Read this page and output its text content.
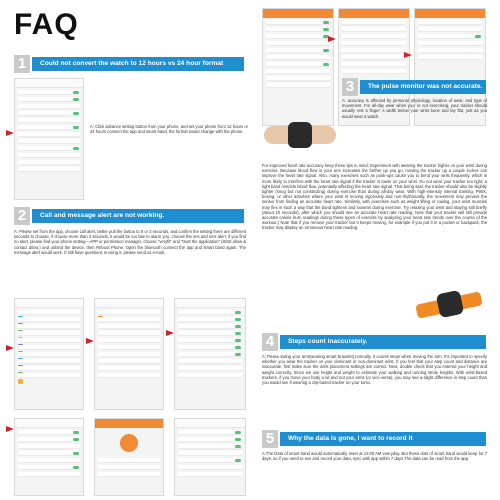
FAQ
1	Could not convert the watch to 12 hours vs 24 hour format
A: Click advance setting button from your phone, and set your phone from 12 hours or 24 hours connect the app and smart band, the format would change with the phone.
2	Call and message alert are not working.
A: Please set from the app, choose call alert, better pull the button to 0 or 3 seconds, and confirm the setting there are different seconds to choose, if choose more than 3 seconds, it would be too late to alarm you. choose the sns and sms alert, if you find no alert, please find your phone setting---APP or permission manager, choose "veryfit" and "trust the application" (SMS allow & contact allow.) and unbind the device, then Reboot Phone. Open the bluetooth connect the app and smart band again. The message alert would work. If still have questions in using it, please send us e-mail.
3	The pulse monitor was not accurate.
A: accuracy is affected by personal physiology, location of wear, and type of movement. For all-day wear when you’ re not exercising, your tracker should usually rest a finger’ s width below your wrist bone and lay flat, just as you would wear a watch.
For improved heart rate accuracy keep these tips in mind: Experiment with wearing the tracker higher on your wrist during exercise. Because blood flow in your arm increases the further up you go, moving the tracker up a couple inches can improve the heart rate signal. Also, many exercises such as push-ups cause you to bend your wrist frequently, which is more likely to interfere with the heart rate signal if the tracker is lower on your wrist. Do not wear your tracker too tight; a tight band restricts blood flow, potentially affecting the heart rate signal. That being said, the tracker should also be slightly tighter (snug but not constricting) during exercise than during all-day wear. With high-intensity interval training, P90X, boxing, or other activities where your wrist is moving vigorously and non-rhythmically, the movement may prevent the sensor from finding an accurate heart rate. Similarly, with exercises such as weight lifting or rowing, your wrist muscles may flex in such a way that the band tightens and loosens during exercise. Try relaxing your wrist and staying still briefly (about 10 seconds), after which you should see an accurate heart rate reading. Note that your tracker will still provide accurate calorie burn readings during these types of exercise by analyzing your heart rate trends over the course of the workout.) Note that if you remove your tracker but it keeps moving, for example if you put it in a pocket or backpack, the tracker may display an erroneous heart rate reading.
4	Steps count inaccurately.
A: Pease swing your arm(wearing smart bracelet),normally, it counts steps when moving the arm. It's important to specify whether you wear the tracker on your dominant or non-dominant wrist. If you feel that your step count and distance are inaccurate, first make sure the wrist placement settings are correct. Next, double check that you entered your height and weight correctly. Since we use height and weight to estimate your walking and running stride lengths. With wrist-based trackers, if you move your body a lot and not your arms (or vice versa), you may see a slight difference in step count than you would see if wearing a clip-based tracker on your torso.
5	Why the data is gone, I want to record it
A:The Data of smart band would automatically reset at 12:00 AM everyday. But these dots of smart band would keep for 7 days, so if you need to see and record your data, sync with app within 7 days.The data can be read from the app.
